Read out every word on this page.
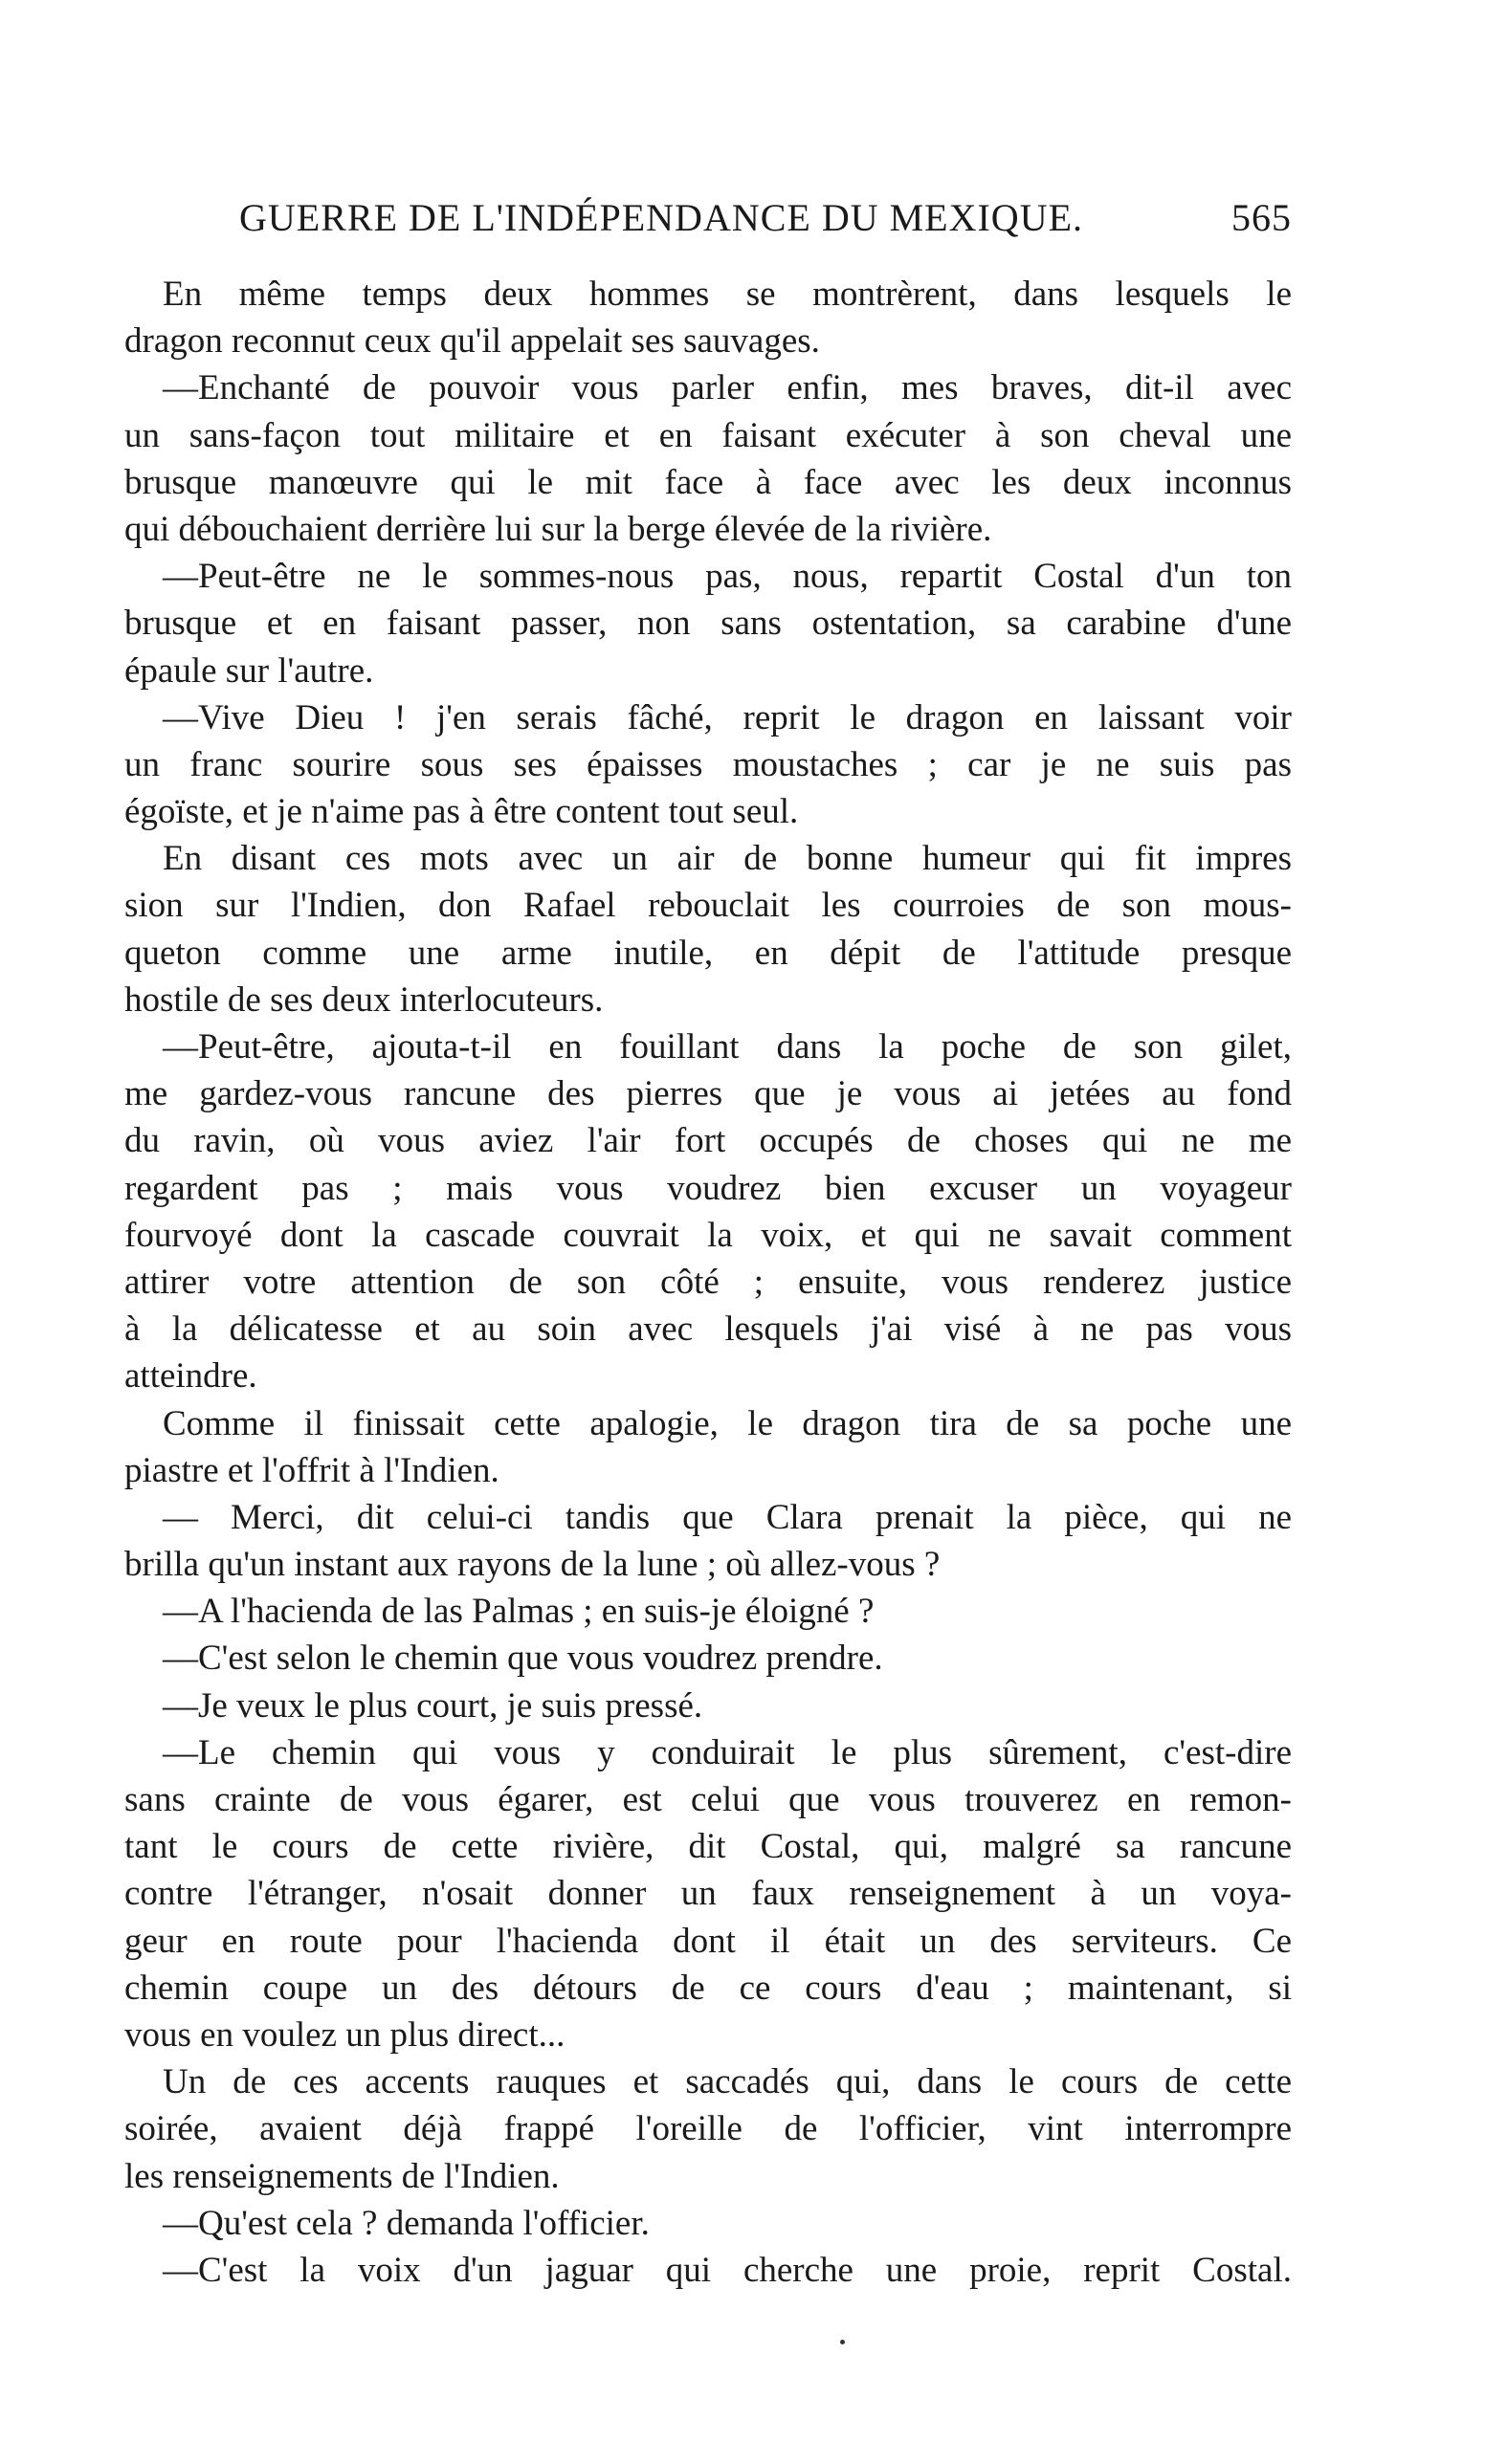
GUERRE DE L'INDÉPENDANCE DU MEXIQUE.	565
En même temps deux hommes se montrèrent, dans lesquels le
dragon reconnut ceux qu'il appelait ses sauvages.
—Enchanté de pouvoir vous parler enfin, mes braves, dit-il avec
un sans-façon tout militaire et en faisant exécuter à son cheval une
brusque manœuvre qui le mit face à face avec les deux inconnus
qui débouchaient derrière lui sur la berge élevée de la rivière.
—Peut-être ne le sommes-nous pas, nous, repartit Costal d'un ton
brusque et en faisant passer, non sans ostentation, sa carabine d'une
épaule sur l'autre.
—Vive Dieu ! j'en serais fâché, reprit le dragon en laissant voir
un franc sourire sous ses épaisses moustaches ; car je ne suis pas
égoïste, et je n'aime pas à être content tout seul.
En disant ces mots avec un air de bonne humeur qui fit impres
sion sur l'Indien, don Rafael rebouclait les courroies de son mous-
queton comme une arme inutile, en dépit de l'attitude presque
hostile de ses deux interlocuteurs.
—Peut-être, ajouta-t-il en fouillant dans la poche de son gilet,
me gardez-vous rancune des pierres que je vous ai jetées au fond
du ravin, où vous aviez l'air fort occupés de choses qui ne me
regardent pas ; mais vous voudrez bien excuser un voyageur
fourvoyé dont la cascade couvrait la voix, et qui ne savait comment
attirer votre attention de son côté ; ensuite, vous renderez justice
à la délicatesse et au soin avec lesquels j'ai visé à ne pas vous
atteindre.
Comme il finissait cette apalogie, le dragon tira de sa poche une
piastre et l'offrit à l'Indien.
— Merci, dit celui-ci tandis que Clara prenait la pièce, qui ne
brilla qu'un instant aux rayons de la lune ; où allez-vous ?
—A l'hacienda de las Palmas ; en suis-je éloigné ?
—C'est selon le chemin que vous voudrez prendre.
—Je veux le plus court, je suis pressé.
—Le chemin qui vous y conduirait le plus sûrement, c'est-dire
sans crainte de vous égarer, est celui que vous trouverez en remon-
tant le cours de cette rivière, dit Costal, qui, malgré sa rancune
contre l'étranger, n'osait donner un faux renseignement à un voya-
geur en route pour l'hacienda dont il était un des serviteurs. Ce
chemin coupe un des détours de ce cours d'eau ; maintenant, si
vous en voulez un plus direct...
Un de ces accents rauques et saccadés qui, dans le cours de cette
soirée, avaient déjà frappé l'oreille de l'officier, vint interrompre
les renseignements de l'Indien.
—Qu'est cela ? demanda l'officier.
—C'est la voix d'un jaguar qui cherche une proie, reprit Costal.
